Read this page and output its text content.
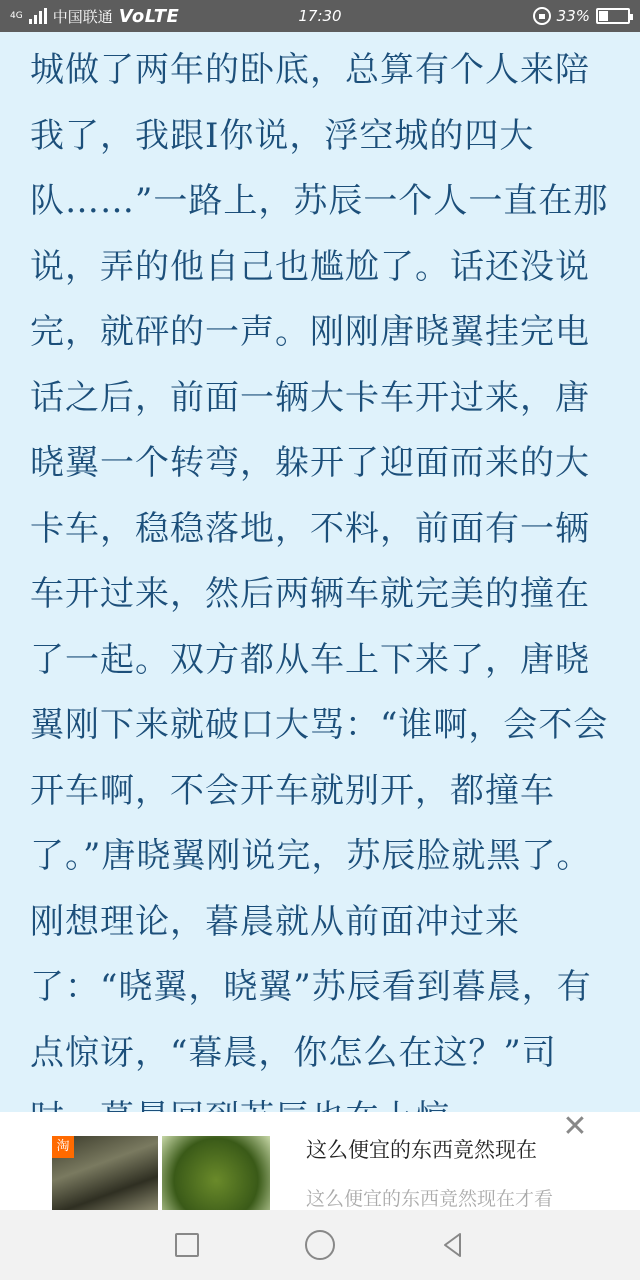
4G 中国联通 VoLTE	17:30	33%

城做了两年的卧底，总算有个人来陪我了，我跟I你说，浮空城的四大队……”一路上，苏辰一个人一直在那说，弄的他自己也尴尬了。话还没说完，就砰的一声。刚刚唐晓翼挂完电话之后，前面一辆大卡车开过来，唐晓翼一个转弯，躲开了迎面而来的大卡车，稳稳落地，不料，前面有一辆车开过来，然后两辆车就完美的撞在了一起。双方都从车上下来了，唐晓翼刚下来就破口大骂：“谁啊，会不会开车啊，不会开车就别开，都撞车了。”唐晓翼刚说完，苏辰脸就黑了。刚想理论，暮晨就从前面冲过来了：“晓翼，晓翼”苏辰看到暮晨，有点惊讶，“暮晨，你怎么在这？”司

淘	这么便宜的东西竟然现在
这么便宜的东西竟然现在才看
✕
